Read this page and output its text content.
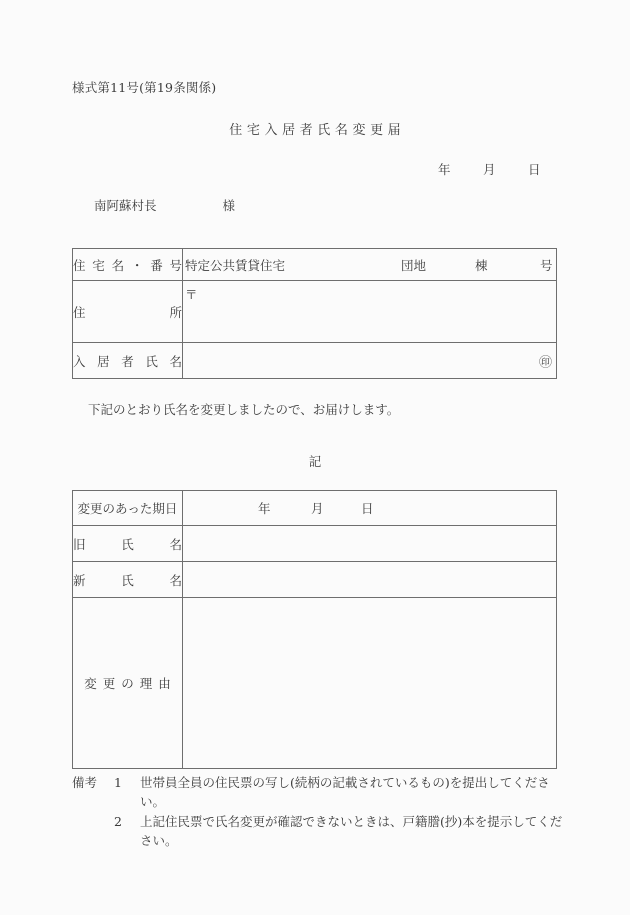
様式第11号(第19条関係)
住宅入居者氏名変更届
年	月	日
南阿蘇村長	様
住 宅 名 ・ 番 号	特定公共賃貸住宅	団地	棟	号

住 所	〒

入 居 者 氏 名	㊞
下記のとおり氏名を変更しましたので、お届けします。
記
変更のあった期日	年 月 日

旧 氏 名	

新 氏 名	

変更の理由	
備考	1	世帯員全員の住民票の写し(続柄の記載されているもの)を提出してください。
2	上記住民票で氏名変更が確認できないときは、戸籍謄(抄)本を提示してください。
